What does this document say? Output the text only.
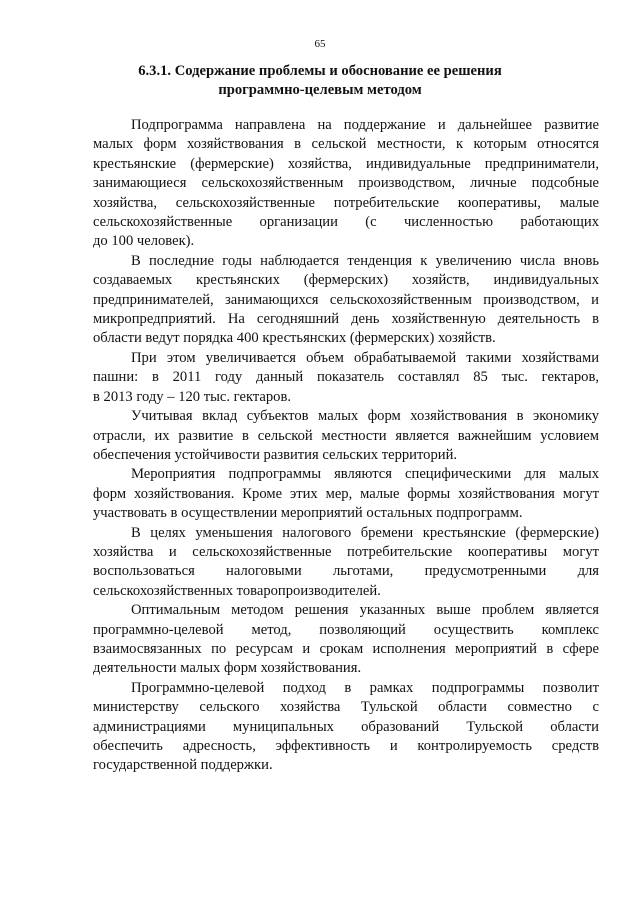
65
6.3.1. Содержание проблемы и обоснование ее решения
программно-целевым методом
Подпрограмма направлена на поддержание и дальнейшее развитие
малых форм хозяйствования в сельской местности, к которым относятся
крестьянские (фермерские) хозяйства, индивидуальные предприниматели,
занимающиеся сельскохозяйственным производством, личные подсобные
хозяйства, сельскохозяйственные потребительские кооперативы, малые
сельскохозяйственные организации (с численностью работающих
до 100 человек).
В последние годы наблюдается тенденция к увеличению числа вновь
создаваемых крестьянских (фермерских) хозяйств, индивидуальных
предпринимателей, занимающихся сельскохозяйственным производством, и
микропредприятий. На сегодняшний день хозяйственную деятельность в
области ведут порядка 400 крестьянских (фермерских) хозяйств.
При этом увеличивается объем обрабатываемой такими хозяйствами
пашни: в 2011 году данный показатель составлял 85 тыс. гектаров,
в 2013 году – 120 тыс. гектаров.
Учитывая вклад субъектов малых форм хозяйствования в экономику
отрасли, их развитие в сельской местности является важнейшим условием
обеспечения устойчивости развития сельских территорий.
Мероприятия подпрограммы являются специфическими для малых
форм хозяйствования. Кроме этих мер, малые формы хозяйствования могут
участвовать в осуществлении мероприятий остальных подпрограмм.
В целях уменьшения налогового бремени крестьянские (фермерские)
хозяйства и сельскохозяйственные потребительские кооперативы могут
воспользоваться налоговыми льготами, предусмотренными для
сельскохозяйственных товаропроизводителей.
Оптимальным методом решения указанных выше проблем является
программно-целевой метод, позволяющий осуществить комплекс
взаимосвязанных по ресурсам и срокам исполнения мероприятий в сфере
деятельности малых форм хозяйствования.
Программно-целевой подход в рамках подпрограммы позволит
министерству сельского хозяйства Тульской области совместно с
администрациями муниципальных образований Тульской области
обеспечить адресность, эффективность и контролируемость средств
государственной поддержки.
